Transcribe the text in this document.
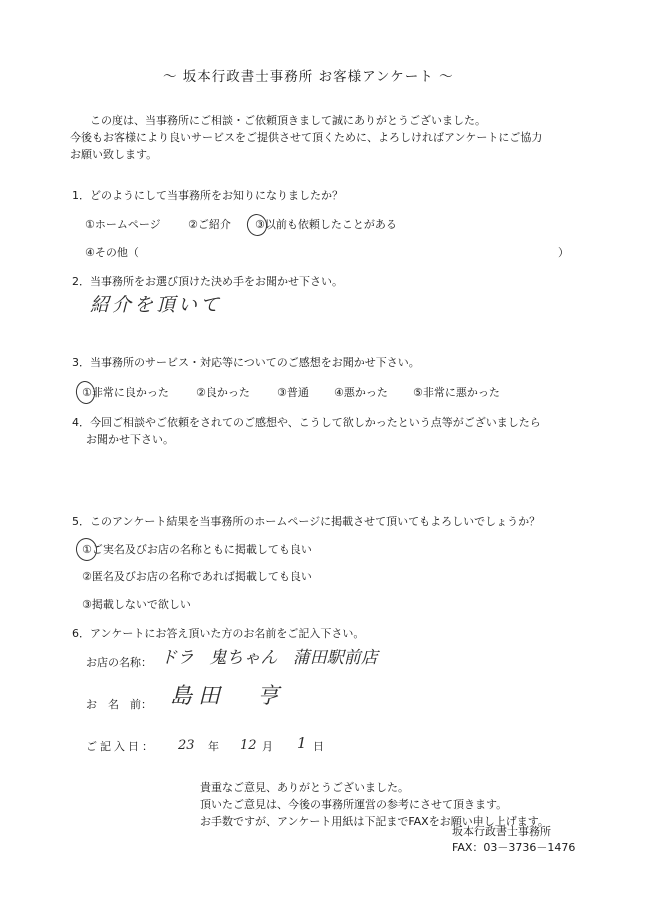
～ 坂本行政書士事務所 お客様アンケート ～
この度は、当事務所にご相談・ご依頼頂きまして誠にありがとうございました。
今後もお客様により良いサービスをご提供させて頂くために、よろしければアンケートにご協力
お願い致します。
1．どのようにして当事務所をお知りになりましたか？
①ホームページ ②ご紹介 ③以前も依頼したことがある
④その他（	）
2．当事務所をお選び頂けた決め手をお聞かせ下さい。
紹介を頂いて
3．当事務所のサービス・対応等についてのご感想をお聞かせ下さい。
①非常に良かった ②良かった ③普通 ④悪かった ⑤非常に悪かった
4．今回ご相談やご依頼をされてのご感想や、こうして欲しかったという点等がございましたら
お聞かせ下さい。
5．このアンケート結果を当事務所のホームページに掲載させて頂いてもよろしいでしょうか？
①ご実名及びお店の名称ともに掲載しても良い
②匿名及びお店の名称であれば掲載しても良い
③掲載しないで欲しい
6．アンケートにお答え頂いた方のお名前をご記入下さい。
お店の名称： ドラ 鬼ちゃん 蒲田駅前店
お　名　前： 島田 亨
ご記入日： 23 年 12 月 1 日
貴重なご意見、ありがとうございました。
頂いたご意見は、今後の事務所運営の参考にさせて頂きます。
お手数ですが、アンケート用紙は下記までFAXをお願い申し上げます。
坂本行政書士事務所
FAX：03－3736－1476
